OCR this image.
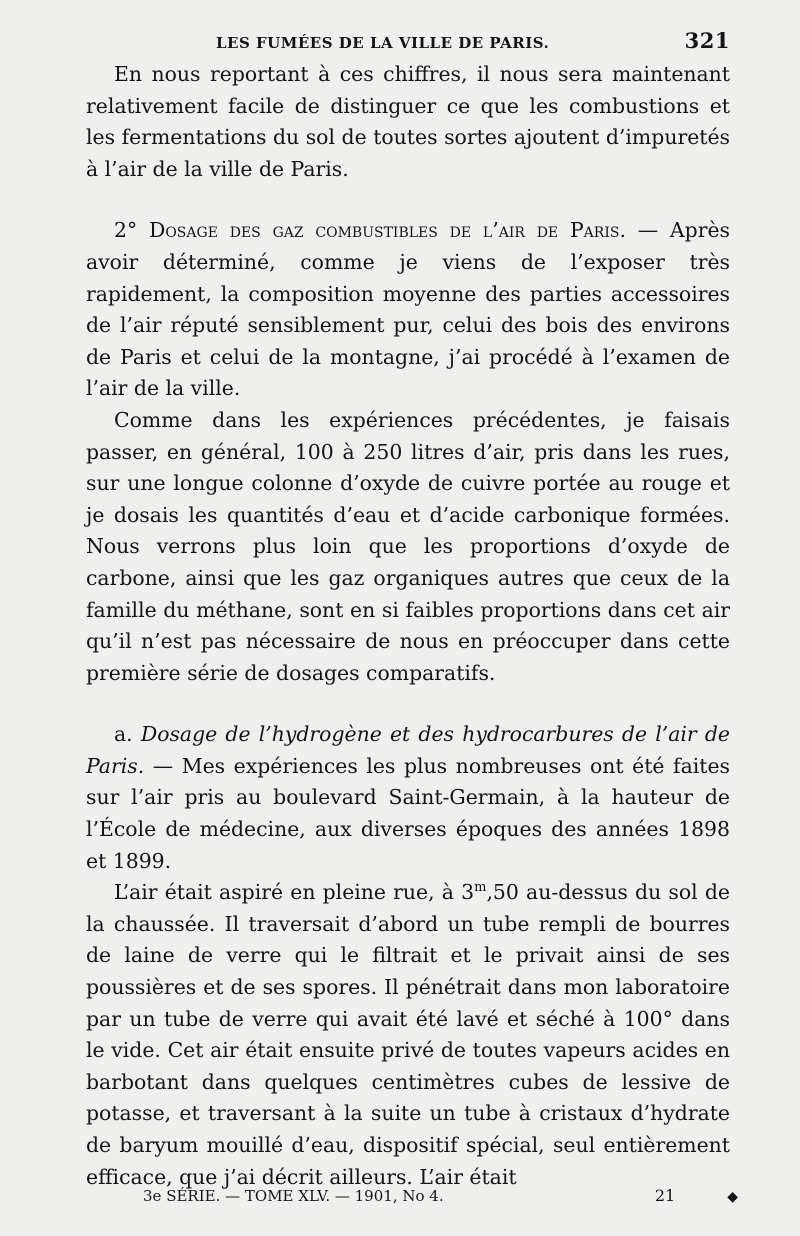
LES FUMÉES DE LA VILLE DE PARIS.	321

En nous reportant à ces chiffres, il nous sera maintenant relativement facile de distinguer ce que les combustions et les fermentations du sol de toutes sortes ajoutent d’impuretés à l’air de la ville de Paris.

2° Dosage des gaz combustibles de l’air de Paris. — Après avoir déterminé, comme je viens de l’exposer très rapidement, la composition moyenne des parties accessoires de l’air réputé sensiblement pur, celui des bois des environs de Paris et celui de la montagne, j’ai procédé à l’examen de l’air de la ville.

Comme dans les expériences précédentes, je faisais passer, en général, 100 à 250 litres d’air, pris dans les rues, sur une longue colonne d’oxyde de cuivre portée au rouge et je dosais les quantités d’eau et d’acide carbonique formées. Nous verrons plus loin que les proportions d’oxyde de carbone, ainsi que les gaz organiques autres que ceux de la famille du méthane, sont en si faibles proportions dans cet air qu’il n’est pas nécessaire de nous en préoccuper dans cette première série de dosages comparatifs.

a. Dosage de l’hydrogène et des hydrocarbures de l’air de Paris. — Mes expériences les plus nombreuses ont été faites sur l’air pris au boulevard Saint-Germain, à la hauteur de l’École de médecine, aux diverses époques des années 1898 et 1899.

L’air était aspiré en pleine rue, à 3$^m$,50 au-dessus du sol de la chaussée. Il traversait d’abord un tube rempli de bourres de laine de verre qui le filtrait et le privait ainsi de ses poussières et de ses spores. Il pénétrait dans mon laboratoire par un tube de verre qui avait été lavé et séché à 100° dans le vide. Cet air était ensuite privé de toutes vapeurs acides en barbotant dans quelques centimètres cubes de lessive de potasse, et traversant à la suite un tube à cristaux d’hydrate de baryum mouillé d’eau, dispositif spécial, seul entièrement efficace, que j’ai décrit ailleurs. L’air était

3e SÉRIE. — TOME XLV. — 1901, No 4.	21	◆
